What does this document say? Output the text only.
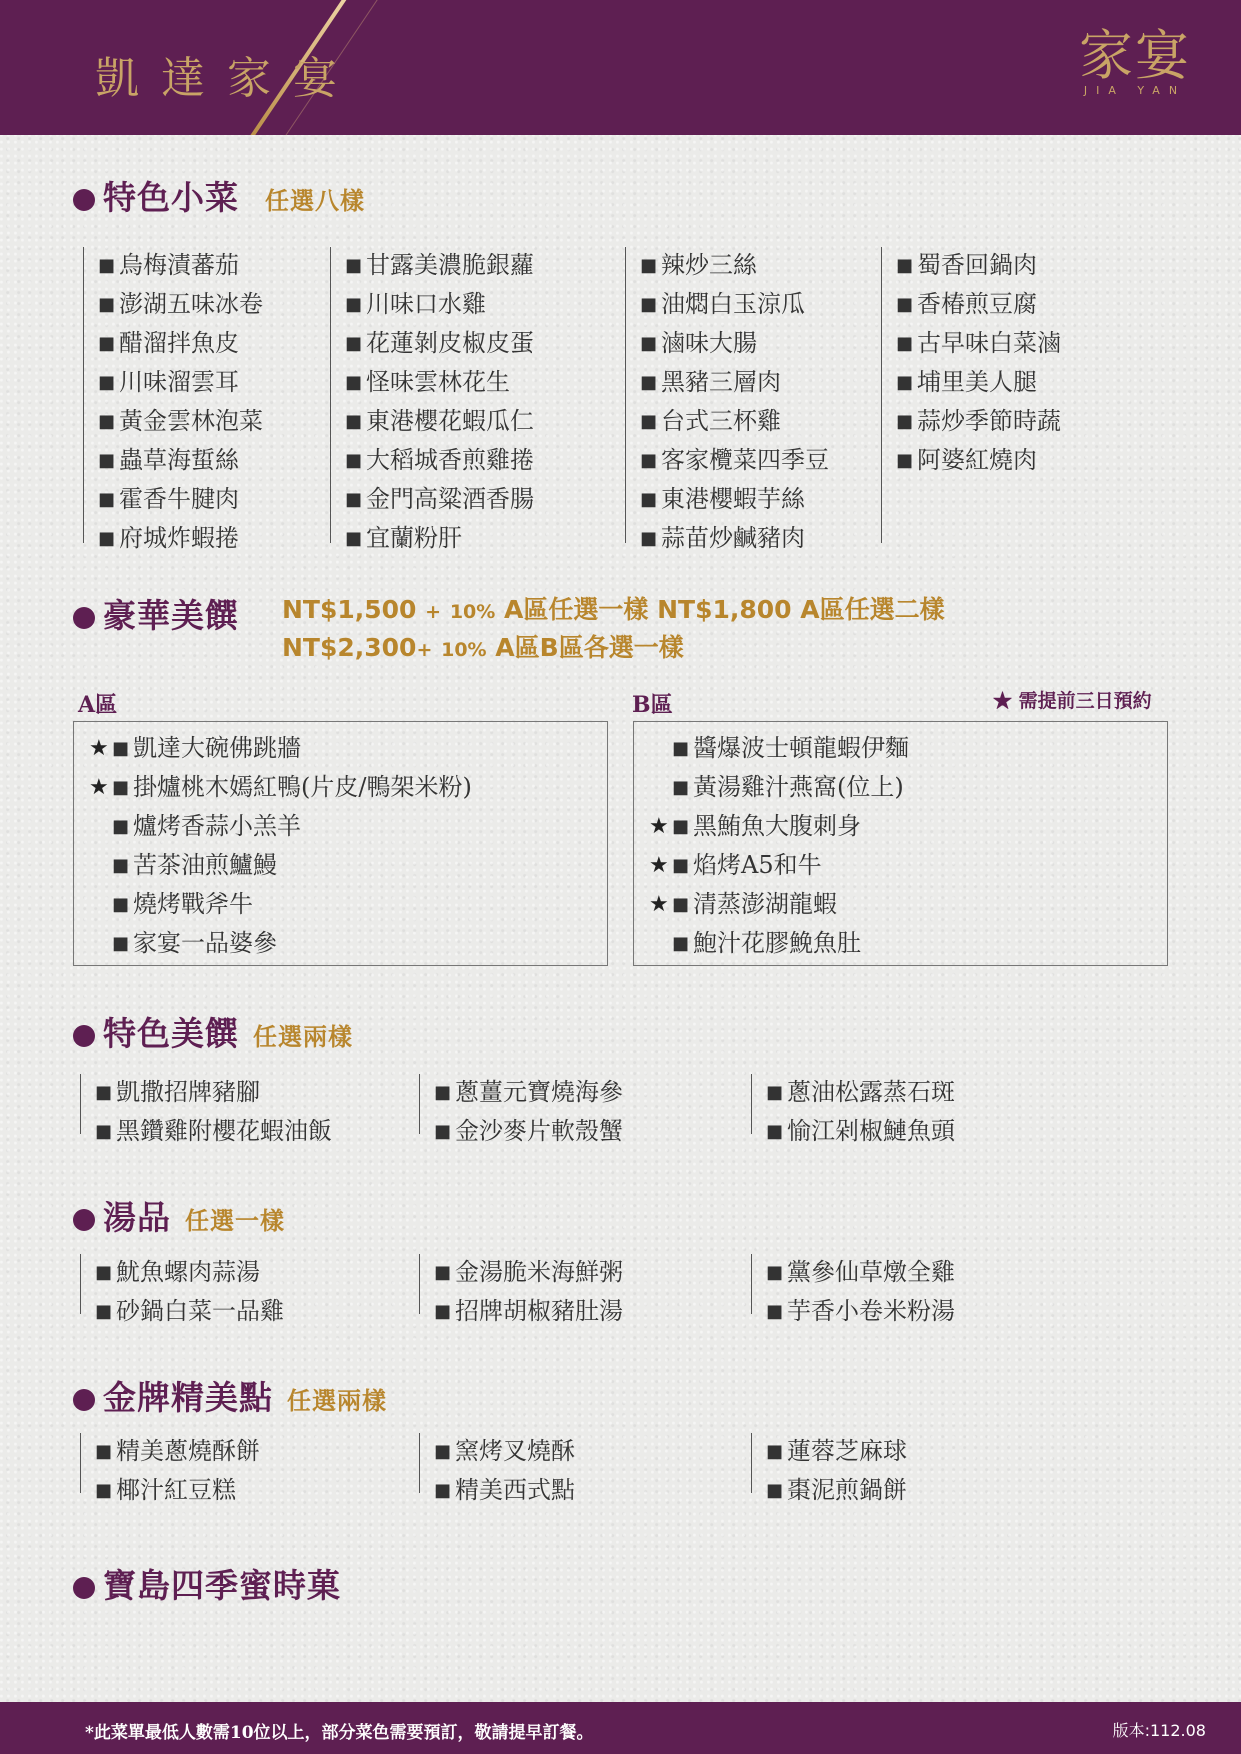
凱達家宴	家宴
JIA YAN
特色小菜 任選八樣
■ 烏梅漬蕃茄
■ 澎湖五味冰卷
■ 醋溜拌魚皮
■ 川味溜雲耳
■ 黃金雲林泡菜
■ 蟲草海蜇絲
■ 霍香牛腱肉
■ 府城炸蝦捲
■ 甘露美濃脆銀蘿
■ 川味口水雞
■ 花蓮剝皮椒皮蛋
■ 怪味雲林花生
■ 東港櫻花蝦瓜仁
■ 大稻城香煎雞捲
■ 金門高粱酒香腸
■ 宜蘭粉肝
■ 辣炒三絲
■ 油燜白玉涼瓜
■ 滷味大腸
■ 黑豬三層肉
■ 台式三杯雞
■ 客家欖菜四季豆
■ 東港櫻蝦芋絲
■ 蒜苗炒鹹豬肉
■ 蜀香回鍋肉
■ 香椿煎豆腐
■ 古早味白菜滷
■ 埔里美人腿
■ 蒜炒季節時蔬
■ 阿婆紅燒肉
豪華美饌 NT$1,500 + 10% A區任選一樣 NT$1,800 A區任選二樣
NT$2,300+ 10% A區B區各選一樣
A區	B區	★ 需提前三日預約
★ ■ 凱達大碗佛跳牆
★ ■ 掛爐桃木嫣紅鴨(片皮/鴨架米粉)
■ 爐烤香蒜小羔羊
■ 苦茶油煎鱸鰻
■ 燒烤戰斧牛
■ 家宴一品婆參
■ 醬爆波士頓龍蝦伊麵
■ 黃湯雞汁燕窩(位上)
★ ■ 黑鮪魚大腹刺身
★ ■ 焰烤A5和牛
★ ■ 清蒸澎湖龍蝦
■ 鮑汁花膠鮸魚肚
特色美饌 任選兩樣
■ 凱撒招牌豬腳
■ 黑鑽雞附櫻花蝦油飯
■ 蔥薑元寶燒海參
■ 金沙麥片軟殼蟹
■ 蔥油松露蒸石斑
■ 愉江剁椒鰱魚頭
湯品 任選一樣
■ 魷魚螺肉蒜湯
■ 砂鍋白菜一品雞
■ 金湯脆米海鮮粥
■ 招牌胡椒豬肚湯
■ 黨參仙草燉全雞
■ 芋香小卷米粉湯
金牌精美點 任選兩樣
■ 精美蔥燒酥餅
■ 椰汁紅豆糕
■ 窯烤叉燒酥
■ 精美西式點
■ 蓮蓉芝麻球
■ 棗泥煎鍋餅
寶島四季蜜時菓
*此菜單最低人數需10位以上，部分菜色需要預訂，敬請提早訂餐。	版本:112.08
